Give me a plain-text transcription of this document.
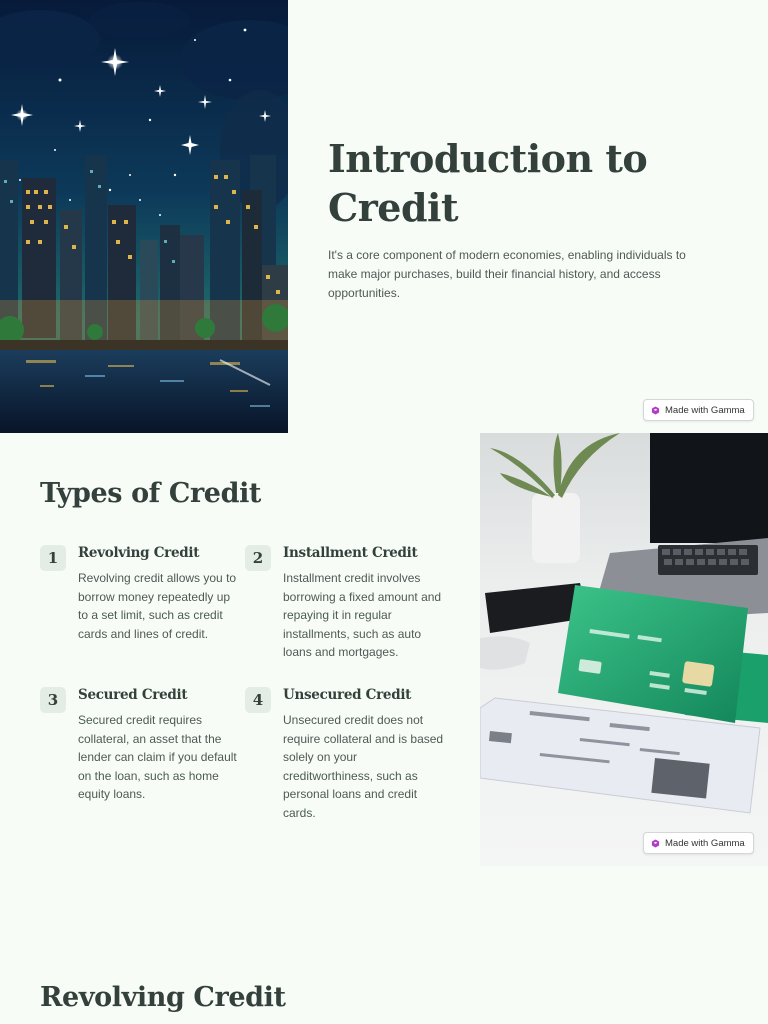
Introduction to Credit

It's a core component of modern economies, enabling individuals to make major purchases, build their financial history, and access opportunities.

Made with Gamma
Types of Credit
1	Revolving Credit

Revolving credit allows you to borrow money repeatedly up to a set limit, such as credit cards and lines of credit.

2	Installment Credit

Installment credit involves borrowing a fixed amount and repaying it in regular installments, such as auto loans and mortgages.

3	Secured Credit

Secured credit requires collateral, an asset that the lender can claim if you default on the loan, such as home equity loans.

4	Unsecured Credit

Unsecured credit does not require collateral and is based solely on your creditworthiness, such as personal loans and credit cards.

Made with Gamma
Revolving Credit
